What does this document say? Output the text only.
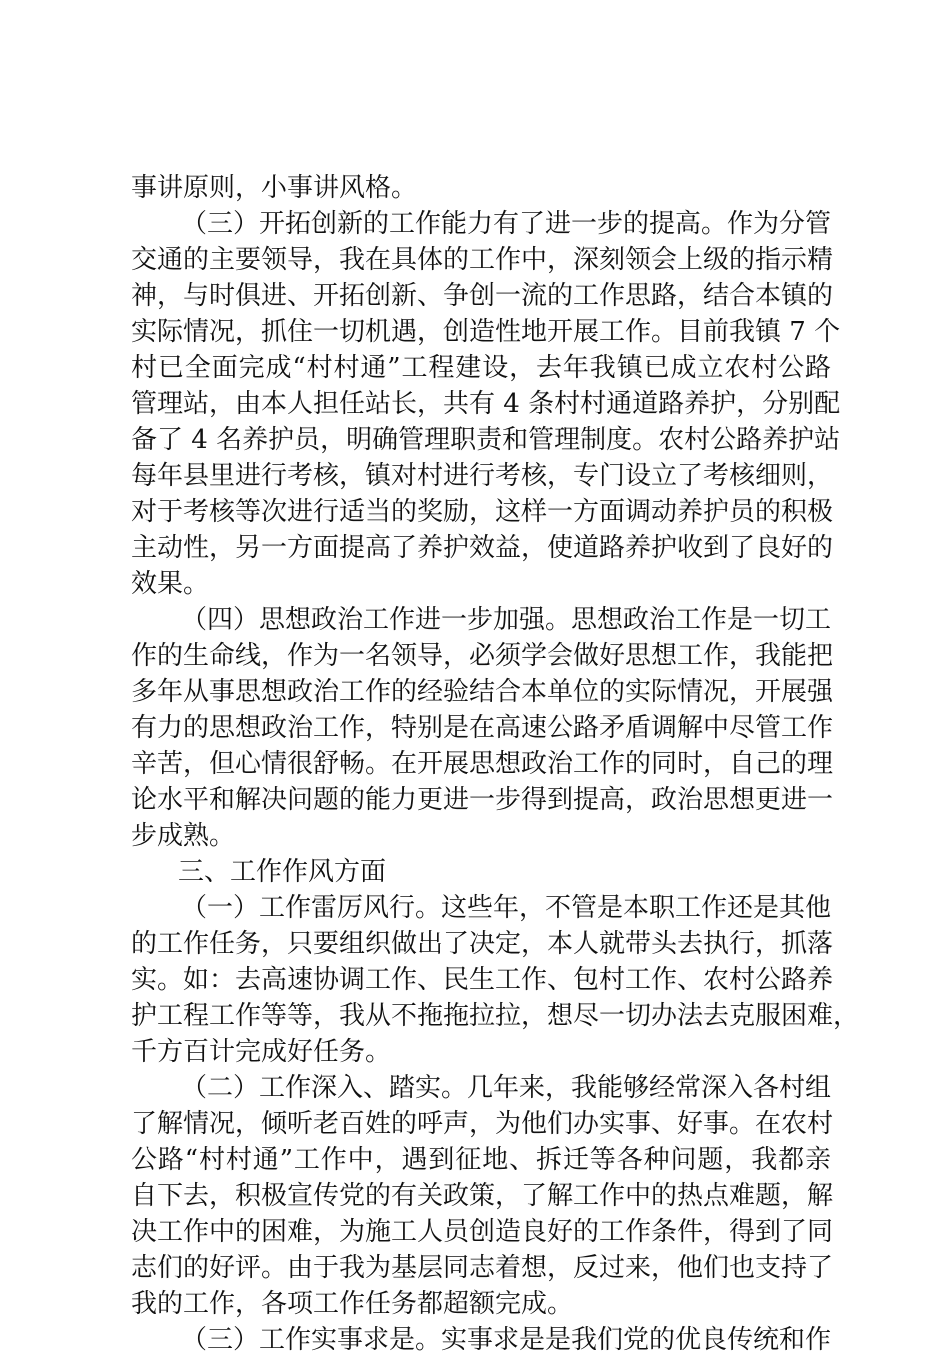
事讲原则，小事讲风格。
（三）开拓创新的工作能力有了进一步的提高。作为分管
交通的主要领导，我在具体的工作中，深刻领会上级的指示精
神，与时俱进、开拓创新、争创一流的工作思路，结合本镇的
实际情况，抓住一切机遇，创造性地开展工作。目前我镇 7 个
村已全面完成“村村通”工程建设，去年我镇已成立农村公路
管理站，由本人担任站长，共有 4 条村村通道路养护，分别配
备了 4 名养护员，明确管理职责和管理制度。农村公路养护站
每年县里进行考核，镇对村进行考核，专门设立了考核细则，
对于考核等次进行适当的奖励，这样一方面调动养护员的积极
主动性，另一方面提高了养护效益，使道路养护收到了良好的
效果。
（四）思想政治工作进一步加强。思想政治工作是一切工
作的生命线，作为一名领导，必须学会做好思想工作，我能把
多年从事思想政治工作的经验结合本单位的实际情况，开展强
有力的思想政治工作，特别是在高速公路矛盾调解中尽管工作
辛苦，但心情很舒畅。在开展思想政治工作的同时，自己的理
论水平和解决问题的能力更进一步得到提高，政治思想更进一
步成熟。
三、工作作风方面
（一）工作雷厉风行。这些年，不管是本职工作还是其他
的工作任务，只要组织做出了决定，本人就带头去执行，抓落
实。如：去高速协调工作、民生工作、包村工作、农村公路养
护工程工作等等，我从不拖拖拉拉，想尽一切办法去克服困难，
千方百计完成好任务。
（二）工作深入、踏实。几年来，我能够经常深入各村组
了解情况，倾听老百姓的呼声，为他们办实事、好事。在农村
公路“村村通”工作中，遇到征地、拆迁等各种问题，我都亲
自下去，积极宣传党的有关政策，了解工作中的热点难题，解
决工作中的困难，为施工人员创造良好的工作条件，得到了同
志们的好评。由于我为基层同志着想，反过来，他们也支持了
我的工作，各项工作任务都超额完成。
（三）工作实事求是。实事求是是我们党的优良传统和作
